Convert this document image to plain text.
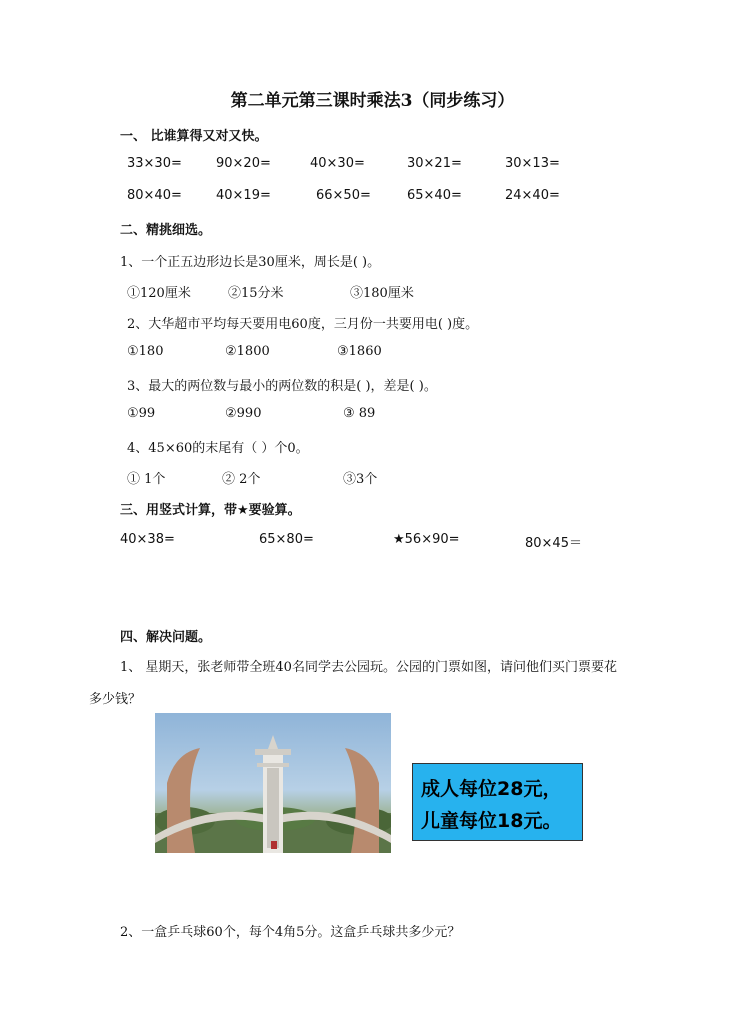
第二单元第三课时乘法3（同步练习）
一、 比谁算得又对又快。
33×30=	90×20=	40×30=	30×21=	30×13=
80×40=	40×19=	66×50=	65×40=	24×40=
二、精挑细选。
1、一个正五边形边长是30厘米，周长是( )。
①120厘米	②15分米	③180厘米
2、大华超市平均每天要用电60度，三月份一共要用电( )度。
①180	②1800	③1860
3、最大的两位数与最小的两位数的积是( )，差是( )。
①99	②990	③ 89
4、45×60的末尾有（ ）个0。
① 1个	② 2个	③3个
三、用竖式计算，带★要验算。
40×38=	65×80=	★56×90=	80×45＝
四、解决问题。
1、 星期天，张老师带全班40名同学去公园玩。公园的门票如图，请问他们买门票要花
多少钱？
成人每位28元，
儿童每位18元。
2、一盒乒乓球60个，每个4角5分。这盒乒乓球共多少元？
